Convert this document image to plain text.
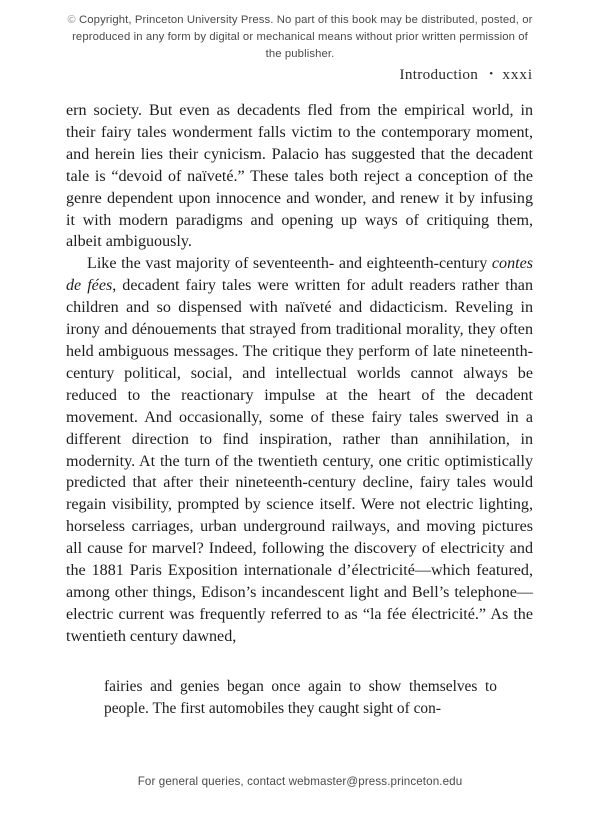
© Copyright, Princeton University Press. No part of this book may be distributed, posted, or reproduced in any form by digital or mechanical means without prior written permission of the publisher.
Introduction • xxxi

ern society. But even as decadents fled from the empirical world, in their fairy tales wonderment falls victim to the contemporary moment, and herein lies their cynicism. Palacio has suggested that the decadent tale is “devoid of naïveté.” These tales both reject a conception of the genre dependent upon innocence and wonder, and renew it by infusing it with modern paradigms and opening up ways of critiquing them, albeit ambiguously.

Like the vast majority of seventeenth- and eighteenth-century contes de fées, decadent fairy tales were written for adult readers rather than children and so dispensed with naïveté and didacticism. Reveling in irony and dénouements that strayed from traditional morality, they often held ambiguous messages. The critique they perform of late nineteenth-century political, social, and intellectual worlds cannot always be reduced to the reactionary impulse at the heart of the decadent movement. And occasionally, some of these fairy tales swerved in a different direction to find inspiration, rather than annihilation, in modernity. At the turn of the twentieth century, one critic optimistically predicted that after their nineteenth-century decline, fairy tales would regain visibility, prompted by science itself. Were not electric lighting, horseless carriages, urban underground railways, and moving pictures all cause for marvel? Indeed, following the discovery of electricity and the 1881 Paris Exposition internationale d’électricité—which featured, among other things, Edison’s incandescent light and Bell’s telephone—electric current was frequently referred to as “la fée électricité.” As the twentieth century dawned,

fairies and genies began once again to show themselves to people. The first automobiles they caught sight of con-

For general queries, contact webmaster@press.princeton.edu
